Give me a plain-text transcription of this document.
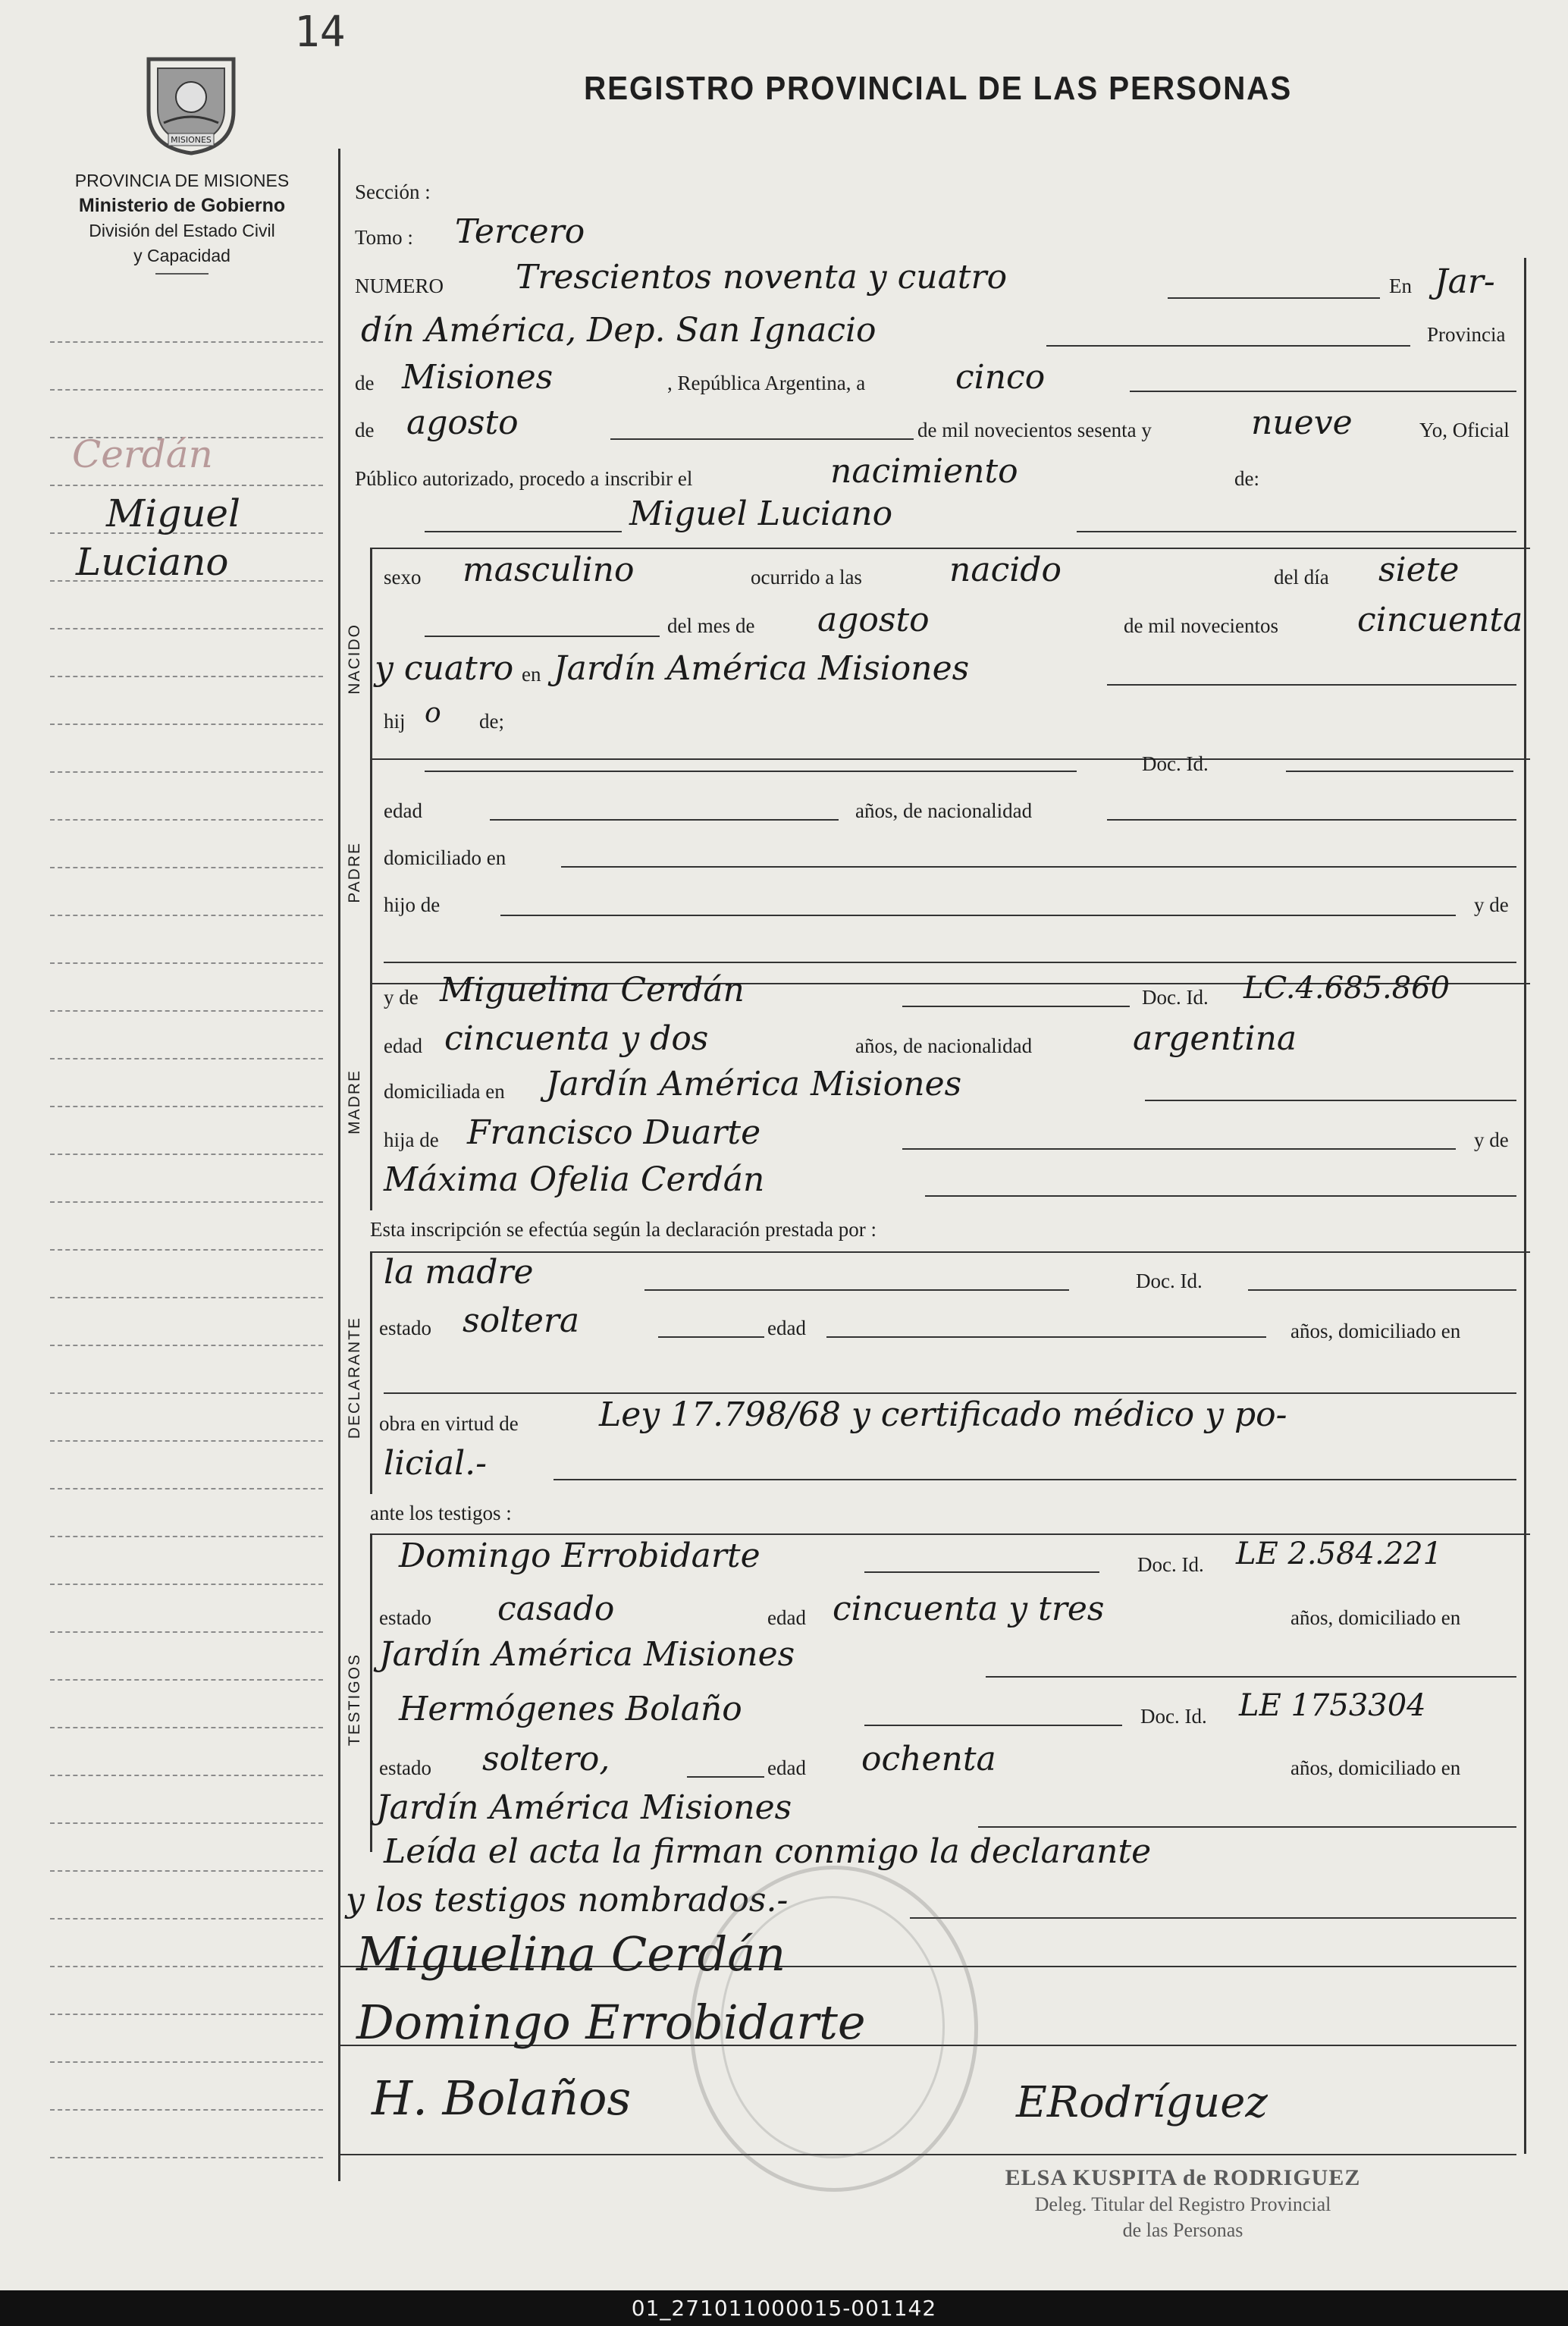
14
REGISTRO PROVINCIAL DE LAS PERSONAS
MISIONES
PROVINCIA DE MISIONES
Ministerio de Gobierno
División del Estado Civil
y Capacidad
Cerdán
Miguel
Luciano
Sección :
Tomo : Tercero
NUMERO Trescientos noventa y cuatro	En Jar-
dín América, Dep. San Ignacio	Provincia
de Misiones	, República Argentina, a	cinco
de agosto	de mil novecientos sesenta y	nueve	Yo, Oficial
Público autorizado, procedo a inscribir el	nacimiento	de:
Miguel Luciano
NACIDO
sexo masculino	ocurrido a las	nacido	del día siete
del mes de agosto	de mil novecientos cincuenta
y cuatro en Jardín América Misiones
hij o de;
PADRE
Doc. Id.
edad	años, de nacionalidad
domiciliado en
hijo de	y de
MADRE
y de Miguelina Cerdán	Doc. Id. LC.4.685.860
edad cincuenta y dos	años, de nacionalidad	argentina
domiciliada en Jardín América Misiones
hija de Francisco Duarte	y de
Máxima Ofelia Cerdán
Esta inscripción se efectúa según la declaración prestada por :
DECLARANTE
la madre	Doc. Id.
estado soltera	edad	años, domiciliado en
obra en virtud de Ley 17.798/68 y certificado médico y po-
licial.-
ante los testigos :
TESTIGOS
Domingo Errobidarte	Doc. Id. LE 2.584.221
estado casado	edad cincuenta y tres	años, domiciliado en
Jardín América Misiones
Hermógenes Bolaño	Doc. Id. LE 1753304
estado soltero,	edad ochenta	años, domiciliado en
Jardín América Misiones
Leída el acta la firman conmigo la declarante
y los testigos nombrados.-
Miguelina Cerdán
Domingo Errobidarte
H. Bolaños	ERodríguez
ELSA KUSPITA de RODRIGUEZ
Deleg. Titular del Registro Provincial
de las Personas
01_271011000015-001142
